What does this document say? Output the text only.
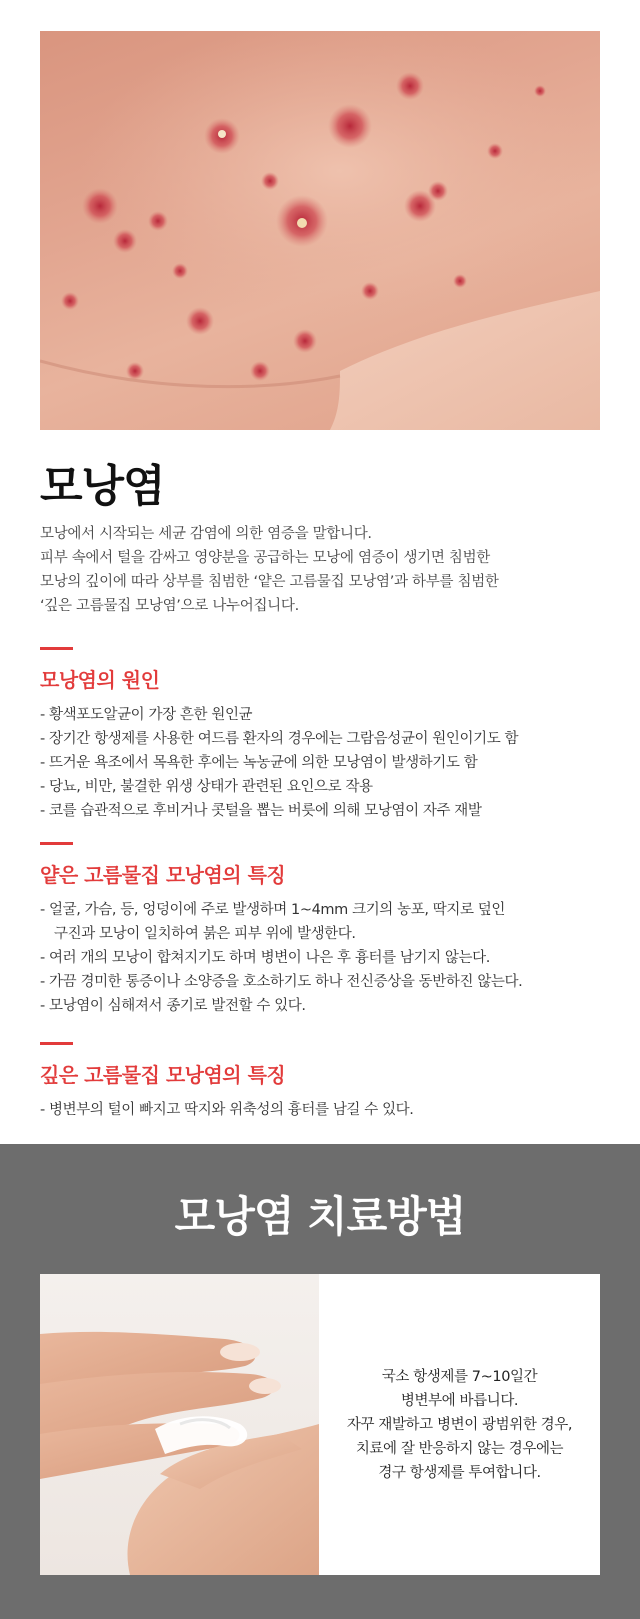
모낭염

모낭에서 시작되는 세균 감염에 의한 염증을 말합니다.

피부 속에서 털을 감싸고 영양분을 공급하는 모낭에 염증이 생기면 침범한

모낭의 깊이에 따라 상부를 침범한 ‘얕은 고름물집 모낭염’과 하부를 침범한

‘깊은 고름물집 모낭염’으로 나누어집니다.

모낭염의 원인
- 황색포도알균이 가장 흔한 원인균
- 장기간 항생제를 사용한 여드름 환자의 경우에는 그람음성균이 원인이기도 함
- 뜨거운 욕조에서 목욕한 후에는 녹농균에 의한 모낭염이 발생하기도 함
- 당뇨, 비만, 불결한 위생 상태가 관련된 요인으로 작용
- 코를 습관적으로 후비거나 콧털을 뽑는 버릇에 의해 모낭염이 자주 재발
얕은 고름물집 모낭염의 특징
- 얼굴, 가슴, 등, 엉덩이에 주로 발생하며 1~4mm 크기의 농포, 딱지로 덮인
구진과 모낭이 일치하여 붉은 피부 위에 발생한다.
- 여러 개의 모낭이 합쳐지기도 하며 병변이 나은 후 흉터를 남기지 않는다.
- 가끔 경미한 통증이나 소양증을 호소하기도 하나 전신증상을 동반하진 않는다.
- 모낭염이 심해져서 종기로 발전할 수 있다.
깊은 고름물집 모낭염의 특징
- 병변부의 털이 빠지고 딱지와 위축성의 흉터를 남길 수 있다.
모낭염 치료방법

국소 항생제를 7~10일간

병변부에 바릅니다.

자꾸 재발하고 병변이 광범위한 경우,

치료에 잘 반응하지 않는 경우에는

경구 항생제를 투여합니다.
